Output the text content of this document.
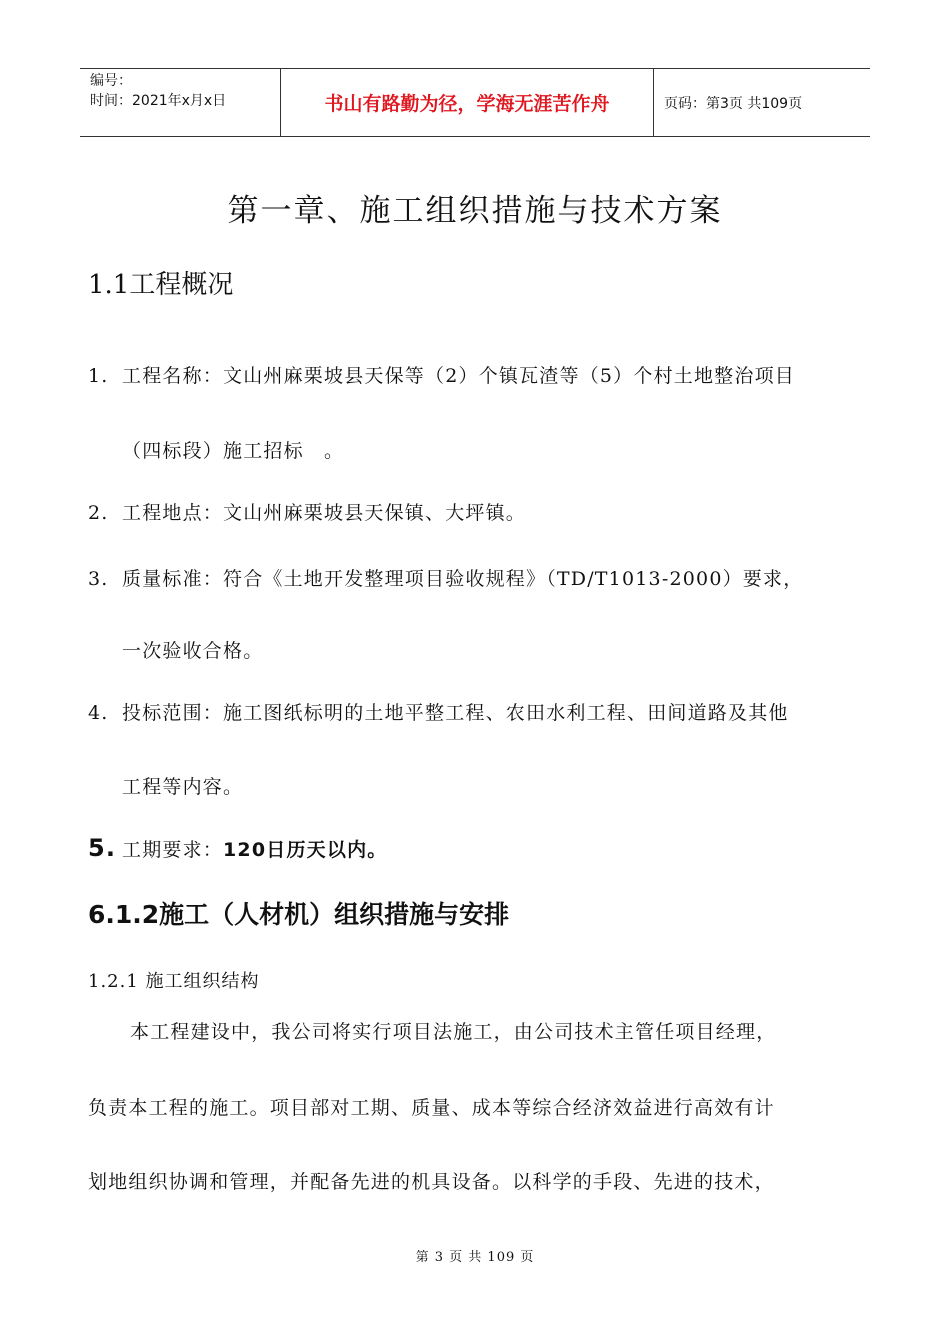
编号：
时间：2021年x月x日	书山有路勤为径，学海无涯苦作舟	页码：第3页 共109页
第一章、施工组织措施与技术方案
1.1工程概况
1. 工程名称：文山州麻栗坡县天保等（2）个镇瓦渣等（5）个村土地整治项目
（四标段）施工招标　。
2. 工程地点：文山州麻栗坡县天保镇、大坪镇。
3. 质量标准：符合《土地开发整理项目验收规程》（TD/T1013-2000）要求，
一次验收合格。
4. 投标范围：施工图纸标明的土地平整工程、农田水利工程、田间道路及其他
工程等内容。
5. 工期要求：120日历天以内。
6.1.2施工（人材机）组织措施与安排
1.2.1 施工组织结构
本工程建设中，我公司将实行项目法施工，由公司技术主管任项目经理，
负责本工程的施工。项目部对工期、质量、成本等综合经济效益进行高效有计
划地组织协调和管理，并配备先进的机具设备。以科学的手段、先进的技术，
第 3 页 共 109 页
